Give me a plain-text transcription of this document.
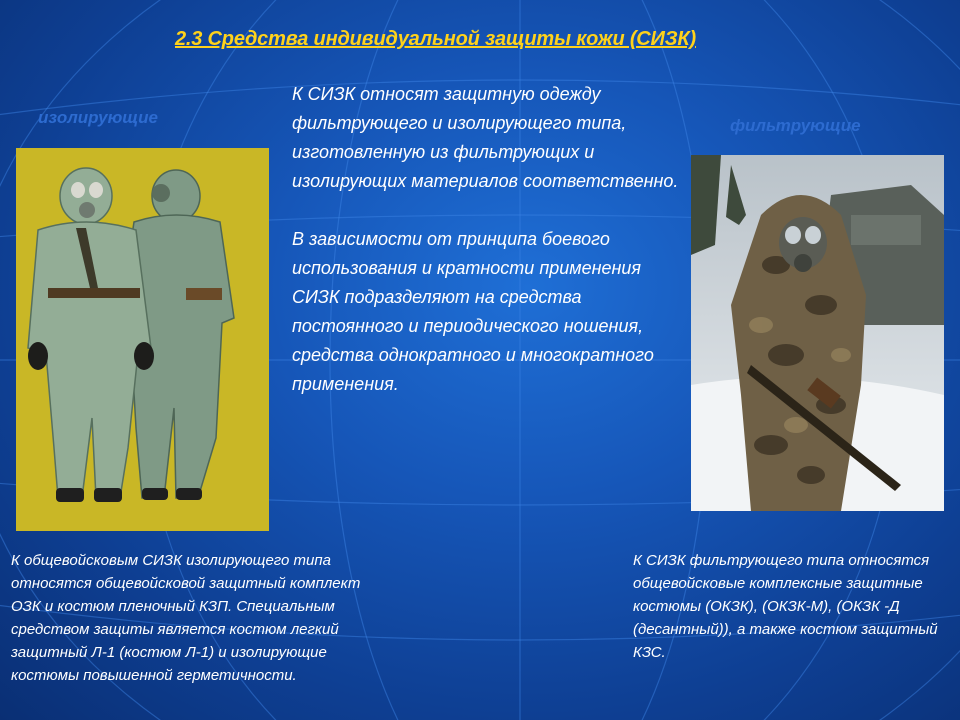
2.3 Средства индивидуальной защиты кожи (СИЗК)
изолирующие	фильтрующие

К СИЗК относят защитную одежду фильтрующего и изолирующего типа, изготовленную из фильтрующих и изолирующих материалов соответственно.

В зависимости от принципа боевого использования и кратности применения СИЗК подразделяют на средства постоянного и периодического ношения, средства однократного и многократного применения.

К общевойсковым СИЗК изолирующего типа относятся общевойсковой защитный комплект ОЗК и костюм пленочный КЗП. Специальным средством защиты является костюм легкий защитный Л-1 (костюм Л-1) и изолирующие костюмы повышенной герметичности.
К СИЗК фильтрующего типа относятся общевойсковые комплексные защитные костюмы (ОКЗК), (ОКЗК-М), (ОКЗК -Д (десантный)), а также костюм защитный КЗС.
